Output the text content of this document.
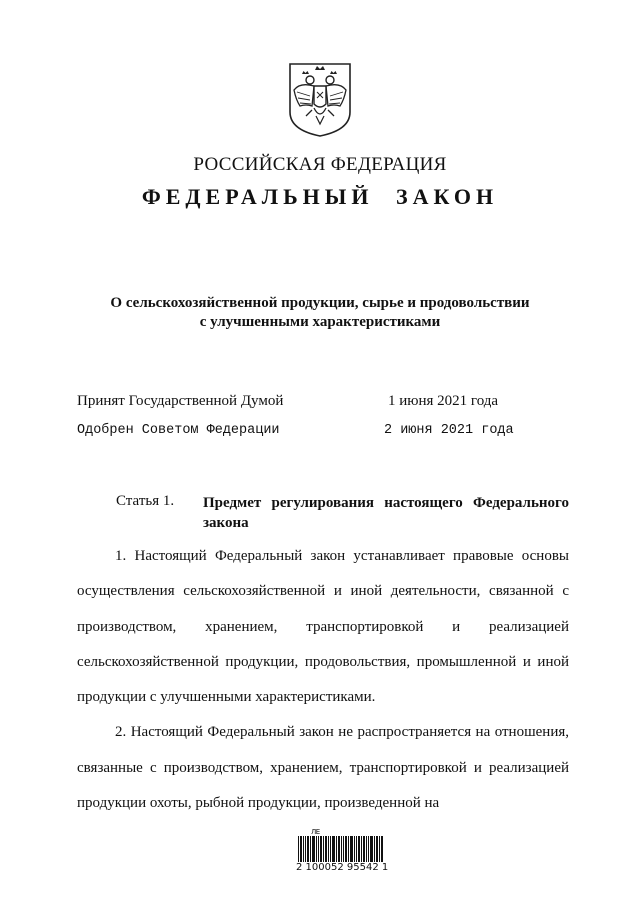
РОССИЙСКАЯ ФЕДЕРАЦИЯ
ФЕДЕРАЛЬНЫЙ ЗАКОН
О сельскохозяйственной продукции, сырье и продовольствии
с улучшенными характеристиками
Принят Государственной Думой	1 июня 2021 года
Одобрен Советом Федерации	2 июня 2021 года
Статья 1. Предмет регулирования настоящего Федерального закона

1. Настоящий Федеральный закон устанавливает правовые основы осуществления сельскохозяйственной и иной деятельности, связанной с производством, хранением, транспортировкой и реализацией сельскохозяйственной продукции, продовольствия, промышленной и иной продукции с улучшенными характеристиками.

2. Настоящий Федеральный закон не распространяется на отношения, связанные с производством, хранением, транспортировкой и реализацией продукции охоты, рыбной продукции, произведенной на

ЛЕ
2 100052 95542 1
